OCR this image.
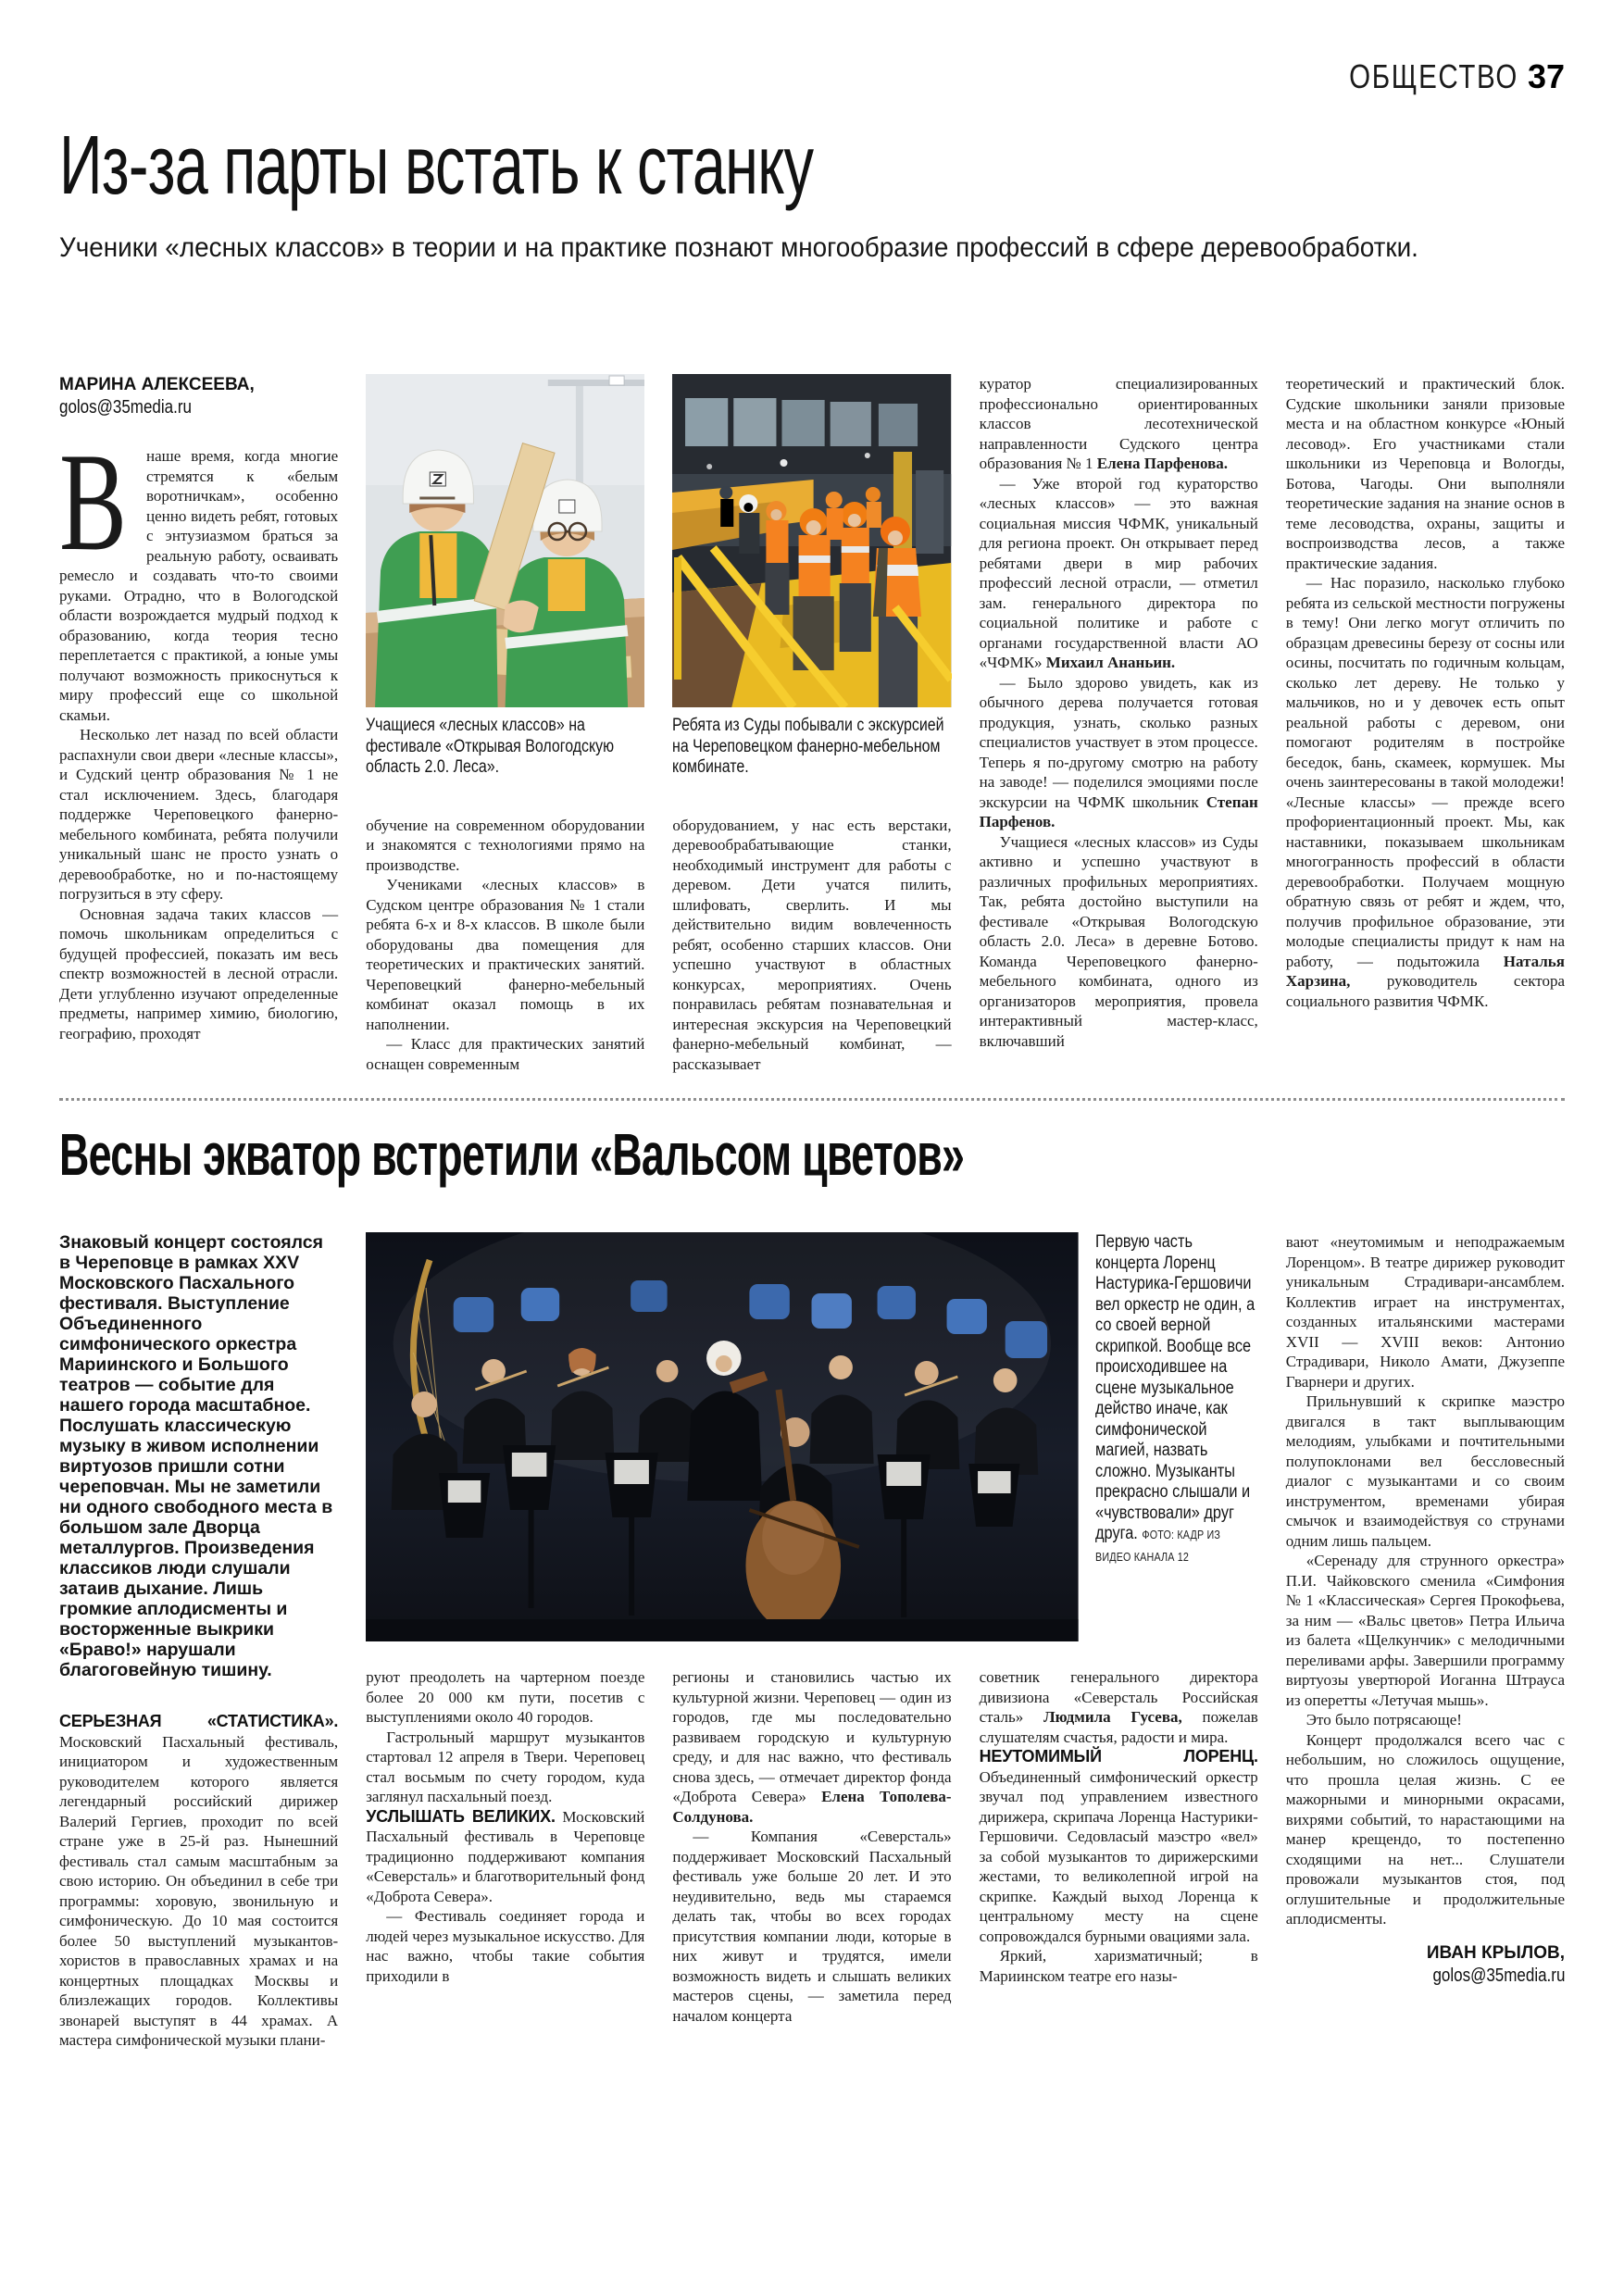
ОБЩЕСТВО 37
Из-за парты встать к станку
Ученики «лесных классов» в теории и на практике познают многообразие профессий в сфере деревообработки.
МАРИНА АЛЕКСЕЕВА,
golos@35media.ru

В наше время, когда многие стремятся к «белым воротничкам», особенно ценно видеть ребят, готовых с энтузиазмом браться за реальную работу, осваивать ремесло и создавать что-то своими руками. Отрадно, что в Вологодской области возрождается мудрый подход к образованию, когда теория тесно переплетается с практикой, а юные умы получают возможность прикоснуться к миру профессий еще со школьной скамьи.

Несколько лет назад по всей области распахнули свои двери «лесные классы», и Судский центр образования № 1 не стал исключением. Здесь, благодаря поддержке Череповецкого фанерно-мебельного комбината, ребята получили уникальный шанс не просто узнать о деревообработке, но и по-настоящему погрузиться в эту сферу.

Основная задача таких классов — помочь школьникам определиться с будущей профессией, показать им весь спектр возможностей в лесной отрасли. Дети углубленно изучают определенные предметы, например химию, биологию, географию, проходят

Учащиеся «лесных классов» на фестивале «Открывая Вологодскую область 2.0. Леса».

обучение на современном оборудовании и знакомятся с технологиями прямо на производстве.

Учениками «лесных классов» в Судском центре образования № 1 стали ребята 6-х и 8-х классов. В школе были оборудованы два помещения для теоретических и практических занятий. Череповецкий фанерно-мебельный комбинат оказал помощь в их наполнении.

— Класс для практических занятий оснащен современным

Ребята из Суды побывали с экскурсией на Череповецком фанерно-мебельном комбинате.

оборудованием, у нас есть верстаки, деревообрабатывающие станки, необходимый инструмент для работы с деревом. Дети учатся пилить, шлифовать, сверлить. И мы действительно видим вовлеченность ребят, особенно старших классов. Они успешно участвуют в областных конкурсах, мероприятиях. Очень понравилась ребятам познавательная и интересная экскурсия на Череповецкий фанерно-мебельный комбинат, — рассказывает

куратор специализированных профессионально ориентированных классов лесотехнической направленности Судского центра образования № 1 Елена Парфенова.

— Уже второй год кураторство «лесных классов» — это важная социальная миссия ЧФМК, уникальный для региона проект. Он открывает перед ребятами двери в мир рабочих профессий лесной отрасли, — отметил зам. генерального директора по социальной политике и работе с органами государственной власти АО «ЧФМК» Михаил Ананьин.

— Было здорово увидеть, как из обычного дерева получается готовая продукция, узнать, сколько разных специалистов участвует в этом процессе. Теперь я по-другому смотрю на работу на заводе! — поделился эмоциями после экскурсии на ЧФМК школьник Степан Парфенов.

Учащиеся «лесных классов» из Суды активно и успешно участвуют в различных профильных мероприятиях. Так, ребята достойно выступили на фестивале «Открывая Вологодскую область 2.0. Леса» в деревне Ботово. Команда Череповецкого фанерно-мебельного комбината, одного из организаторов мероприятия, провела интерактивный мастер-класс, включавший

теоретический и практический блок. Судские школьники заняли призовые места и на областном конкурсе «Юный лесовод». Его участниками стали школьники из Череповца и Вологды, Ботова, Чагоды. Они выполняли теоретические задания на знание основ в теме лесоводства, охраны, защиты и воспроизводства лесов, а также практические задания.

— Нас поразило, насколько глубоко ребята из сельской местности погружены в тему! Они легко могут отличить по образцам древесины березу от сосны или осины, посчитать по годичным кольцам, сколько лет дереву. Не только у мальчиков, но и у девочек есть опыт реальной работы с деревом, они помогают родителям в постройке беседок, бань, скамеек, кормушек. Мы очень заинтересованы в такой молодежи! «Лесные классы» — прежде всего профориентационный проект. Мы, как наставники, показываем школьникам многогранность профессий в области деревообработки. Получаем мощную обратную связь от ребят и ждем, что, получив профильное образование, эти молодые специалисты придут к нам на работу, — подытожила Наталья Харзина, руководитель сектора социального развития ЧФМК.

Весны экватор встретили «Вальсом цветов»

Знаковый концерт состоялся в Череповце в рамках XXV Московского Пасхального фестиваля. Выступление Объединенного симфонического оркестра Мариинского и Большого театров — событие для нашего города масштабное. Послушать классическую музыку в живом исполнении виртуозов пришли сотни череповчан. Мы не заметили ни одного свободного места в большом зале Дворца металлургов. Произведения классиков люди слушали затаив дыхание. Лишь громкие аплодисменты и восторженные выкрики «Браво!» нарушали благоговейную тишину.

СЕРЬЕЗНАЯ «СТАТИСТИКА». Московский Пасхальный фестиваль, инициатором и художественным руководителем которого является легендарный российский дирижер Валерий Гергиев, проходит по всей стране уже в 25-й раз. Нынешний фестиваль стал самым масштабным за свою историю. Он объединил в себе три программы: хоровую, звонильную и симфоническую. До 10 мая состоится более 50 выступлений музыкантов-хористов в православных храмах и на концертных площадках Москвы и близлежащих городов. Коллективы звонарей выступят в 44 храмах. А мастера симфонической музыки плани-

Первую часть концерта Лоренц Настурика-Гершовичи вел оркестр не один, а со своей верной скрипкой. Вообще все происходившее на сцене музыкальное действо иначе, как симфонической магией, назвать сложно. Музыканты прекрасно слышали и «чувствовали» друг друга. ФОТО: КАДР ИЗ ВИДЕО КАНАЛА 12

руют преодолеть на чартерном поезде более 20 000 км пути, посетив с выступлениями около 40 городов.

Гастрольный маршрут музыкантов стартовал 12 апреля в Твери. Череповец стал восьмым по счету городом, куда заглянул пасхальный поезд.

УСЛЫШАТЬ ВЕЛИКИХ. Московский Пасхальный фестиваль в Череповце традиционно поддерживают компания «Северсталь» и благотворительный фонд «Доброта Севера».

— Фестиваль соединяет города и людей через музыкальное искусство. Для нас важно, чтобы такие события приходили в

регионы и становились частью их культурной жизни. Череповец — один из городов, где мы последовательно развиваем городскую и культурную среду, и для нас важно, что фестиваль снова здесь, — отмечает директор фонда «Доброта Севера» Елена Тополева-Солдунова.

— Компания «Северсталь» поддерживает Московский Пасхальный фестиваль уже больше 20 лет. И это неудивительно, ведь мы стараемся делать так, чтобы во всех городах присутствия компании люди, которые в них живут и трудятся, имели возможность видеть и слышать великих мастеров сцены, — заметила перед началом концерта

советник генерального директора дивизиона «Северсталь Российская сталь» Людмила Гусева, пожелав слушателям счастья, радости и мира.

НЕУТОМИМЫЙ ЛОРЕНЦ. Объединенный симфонический оркестр звучал под управлением известного дирижера, скрипача Лоренца Настурики-Гершовичи. Седовласый маэстро «вел» за собой музыкантов то дирижерскими жестами, то великолепной игрой на скрипке. Каждый выход Лоренца к центральному месту на сцене сопровождался бурными овациями зала.

Яркий, харизматичный; в Мариинском театре его назы-

вают «неутомимым и неподражаемым Лоренцом». В театре дирижер руководит уникальным Страдивари-ансамблем. Коллектив играет на инструментах, созданных итальянскими мастерами XVII — XVIII веков: Антонио Страдивари, Николо Амати, Джузеппе Гварнери и других.

Прильнувший к скрипке маэстро двигался в такт выплывающим мелодиям, улыбками и почтительными полупоклонами вел бессловесный диалог с музыкантами и со своим инструментом, временами убирая смычок и взаимодействуя со струнами одним лишь пальцем.

«Серенаду для струнного оркестра» П.И. Чайковского сменила «Симфония № 1 «Классическая» Сергея Прокофьева, за ним — «Вальс цветов» Петра Ильича из балета «Щелкунчик» с мелодичными переливами арфы. Завершили программу виртуозы увертюрой Иоганна Штрауса из оперетты «Летучая мышь».

Это было потрясающе!

Концерт продолжался всего час с небольшим, но сложилось ощущение, что прошла целая жизнь. С ее мажорными и минорными окрасами, вихрями событий, то нарастающими на манер крещендо, то постепенно сходящими на нет... Слушатели провожали музыкантов стоя, под оглушительные и продолжительные аплодисменты.

ИВАН КРЫЛОВ,
golos@35media.ru
